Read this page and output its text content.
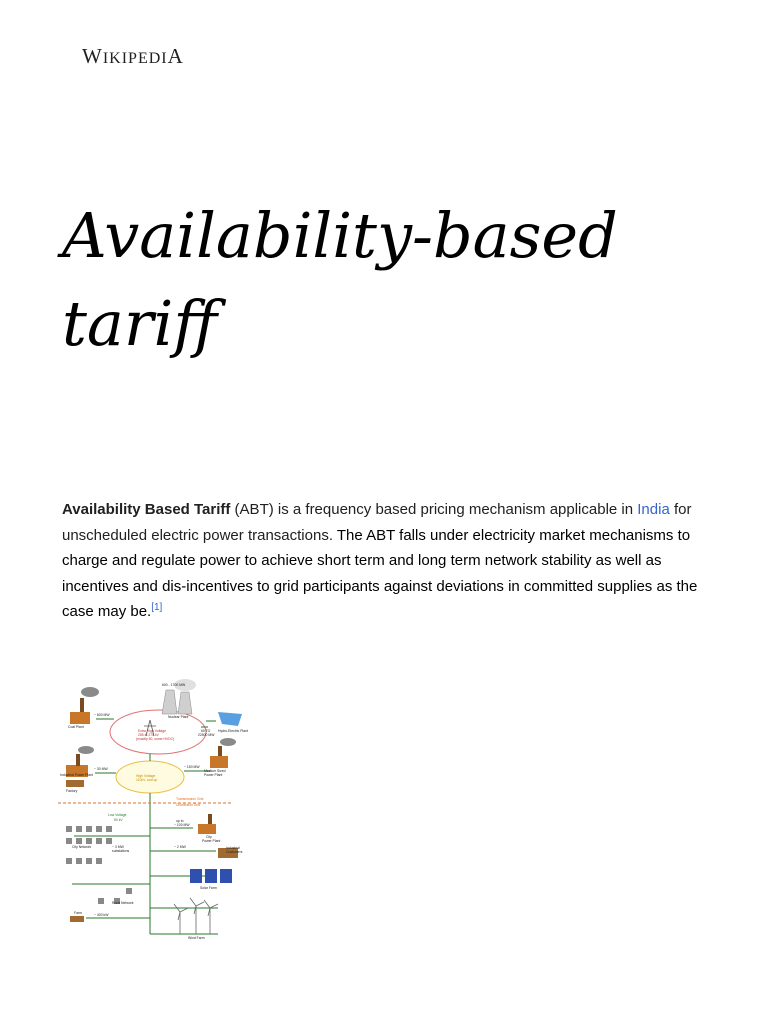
WIKIPEDIA
Availability-based
tariff

Availability Based Tariff (ABT) is a frequency based pricing mechanism applicable in India for unscheduled electric power transactions. The ABT falls under electricity market mechanisms to charge and regulate power to achieve short term and long term network stability as well as incentives and dis-incentives to grid participants against deviations in committed supplies as the case may be.[1]

Coal Plant
~ 600 MW
600 - 1700 MW
Nuclear Plant
60 TO
22500 MW
Hydro-Electric Plant
Extra High Voltage
265 to 275 kV
(exactly 60, some HVDC)
Industrial Power Plant
~ 30 MW
High Voltage
110kV, and up
~ 150 MW
Medium Sized
Power Plant
Factory
Transmission Grid
Distribution Grid
Low Voltage
50 kV
City Network	~ 3 MW
substations
up to
~ 100 MW
City
Power Plant
~ 2 MW	Industrial
Customers
Solar Farm
Rural Network
~ 400 kW
Farm
Wind Farm
